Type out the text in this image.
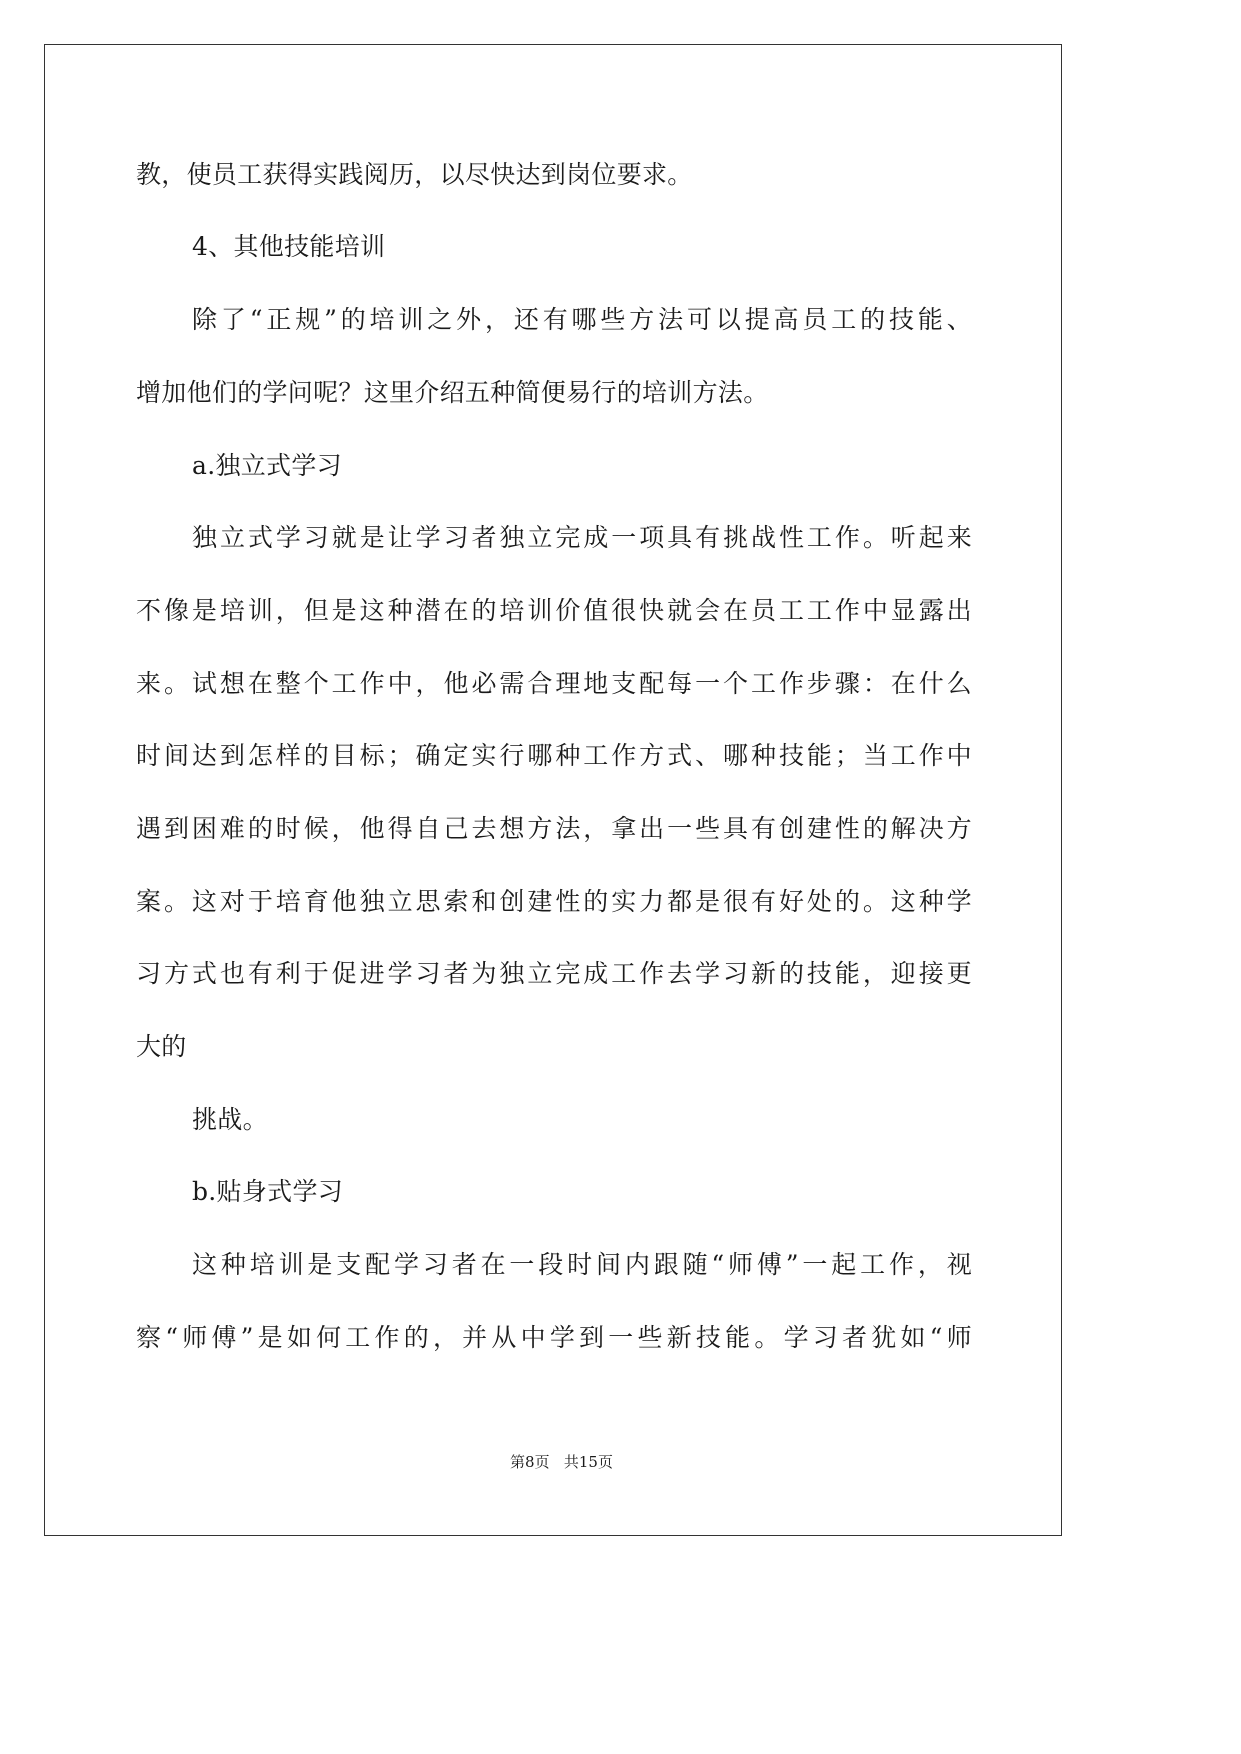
教，使员工获得实践阅历，以尽快达到岗位要求。
4、其他技能培训
除了“正规”的培训之外，还有哪些方法可以提高员工的技能、
增加他们的学问呢？这里介绍五种简便易行的培训方法。
a.独立式学习
独立式学习就是让学习者独立完成一项具有挑战性工作。听起来
不像是培训，但是这种潜在的培训价值很快就会在员工工作中显露出
来。试想在整个工作中，他必需合理地支配每一个工作步骤：在什么
时间达到怎样的目标；确定实行哪种工作方式、哪种技能；当工作中
遇到困难的时候，他得自己去想方法，拿出一些具有创建性的解决方
案。这对于培育他独立思索和创建性的实力都是很有好处的。这种学
习方式也有利于促进学习者为独立完成工作去学习新的技能，迎接更
大的
挑战。
b.贴身式学习
这种培训是支配学习者在一段时间内跟随“师傅”一起工作，视
察“师傅”是如何工作的，并从中学到一些新技能。学习者犹如“师
第8页   共15页
